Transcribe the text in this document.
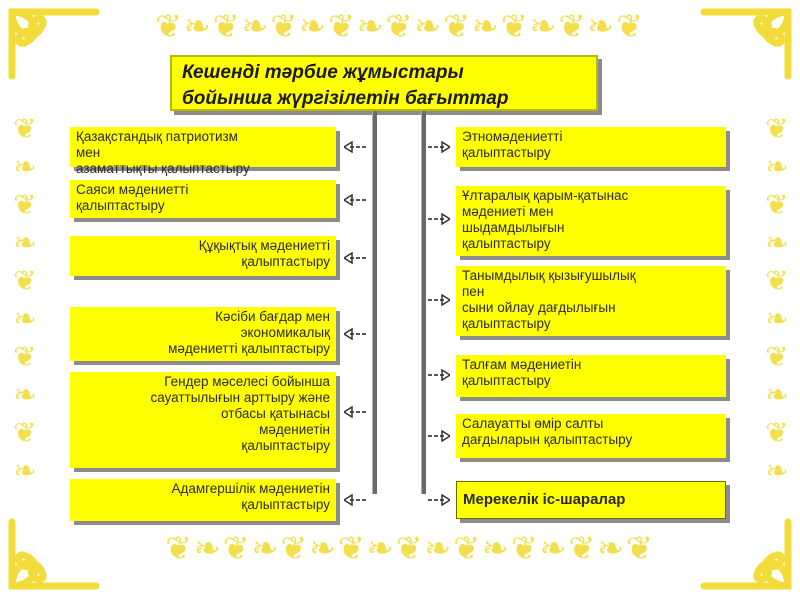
❦❧❦❧❦❧❦❧❦❧❦❧❦❧❦❧❦
❦❧❦❧❦❧❦❧❦❧❦❧❦❧❦❧❦
❦❧❦❧❦❧❦❧❦❧
❦❧❦❧❦❧❦❧❦❧
Кешенді тәрбие жұмыстары
бойынша жүргізілетін бағыттар
Қазақстандық патриотизм
мен
азаматтықты қалыптастыру
Саяси мәдениетті
қалыптастыру
Құқықтық мәдениетті
қалыптастыру
Кәсіби бағдар мен
экономикалық
мәдениетті қалыптастыру
Гендер мәселесі бойынша
сауаттылығын арттыру және
отбасы қатынасы
мәдениетін
қалыптастыру
Адамгершілік мәдениетін
қалыптастыру
Этномәдениетті
қалыптастыру
Ұлтаралық қарым-қатынас
мәдениеті мен
шыдамдылығын
қалыптастыру
Танымдылық қызығушылық
пен
сыни ойлау дағдылығын
қалыптастыру
Талғам мәдениетін
қалыптастыру
Салауатты өмір салты
дағдыларын қалыптастыру
Мерекелік іс-шаралар
